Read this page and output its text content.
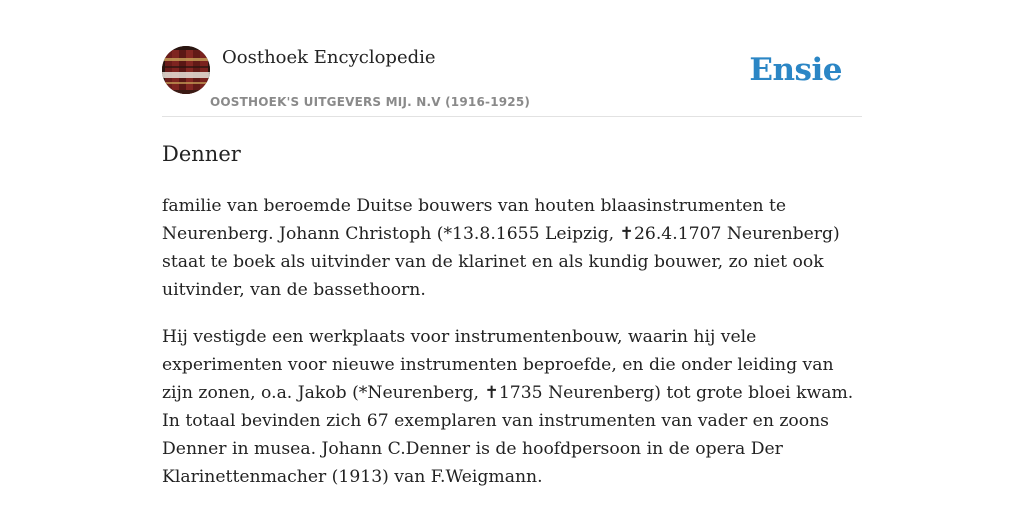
Oosthoek Encyclopedie
OOSTHOEK'S UITGEVERS MIJ. N.V (1916-1925)
Ensie
Denner

familie van beroemde Duitse bouwers van houten blaasinstrumenten te Neurenberg. Johann Christoph (*13.8.1655 Leipzig, ✝26.4.1707 Neurenberg) staat te boek als uitvinder van de klarinet en als kundig bouwer, zo niet ook uitvinder, van de bassethoorn.

Hij vestigde een werkplaats voor instrumentenbouw, waarin hij vele experimenten voor nieuwe instrumenten beproefde, en die onder leiding van zijn zonen, o.a. Jakob (*Neurenberg, ✝1735 Neurenberg) tot grote bloei kwam. In totaal bevinden zich 67 exemplaren van instrumenten van vader en zoons Denner in musea. Johann C.Denner is de hoofdpersoon in de opera Der Klarinettenmacher (1913) van F.Weigmann.
